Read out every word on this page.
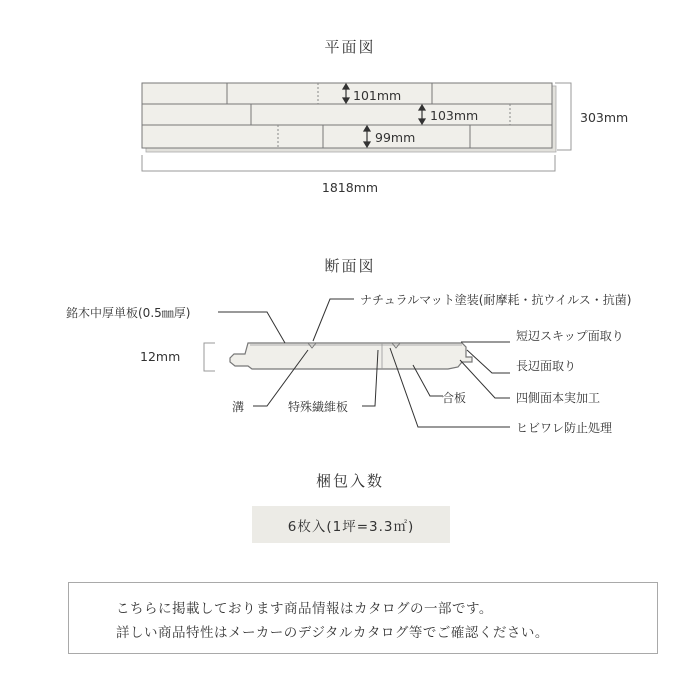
平面図
101mm
103mm
99mm
303mm
1818mm
断面図
12mm
銘木中厚単板(0.5㎜厚)
ナチュラルマット塗装(耐摩耗・抗ウイルス・抗菌)
短辺スキップ面取り
長辺面取り
四側面本実加工
ヒビワレ防止処理
溝	特殊繊維板
合板
梱包入数
6枚入(1坪=3.3㎡)
こちらに掲載しております商品情報はカタログの一部です。
詳しい商品特性はメーカーのデジタルカタログ等でご確認ください。
